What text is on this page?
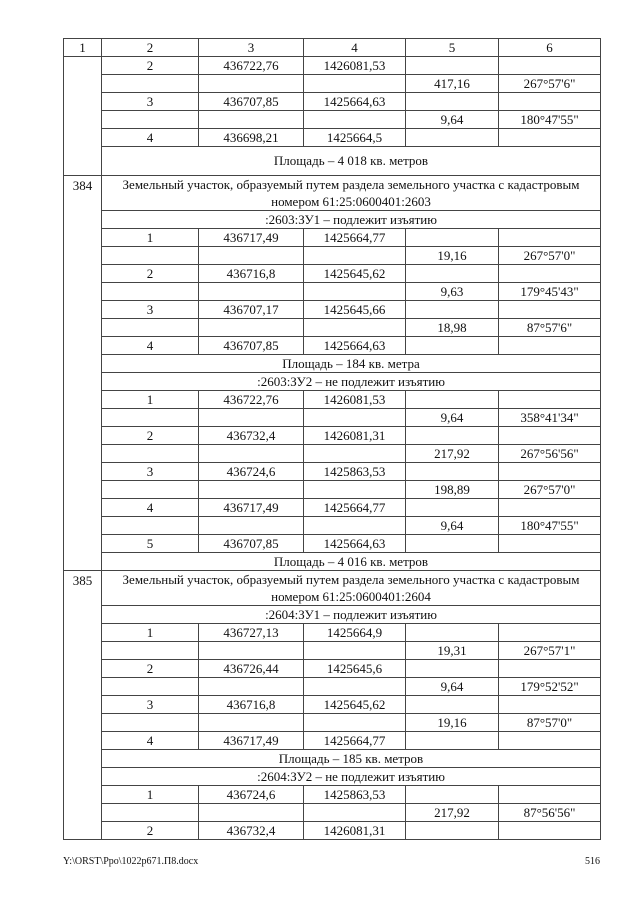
1	2	3	4	5	6
	2	436722,76	1426081,53		
				417,16	267°57'6"
	3	436707,85	1425664,63		
				9,64	180°47'55"
	4	436698,21	1425664,5		
	Площадь – 4 018 кв. метров				
384	Земельный участок, образуемый путем раздела земельного участка с кадастровым номером 61:25:0600401:2603				
	:2603:ЗУ1 – подлежит изъятию				
	1	436717,49	1425664,77		
				19,16	267°57'0"
	2	436716,8	1425645,62		
				9,63	179°45'43"
	3	436707,17	1425645,66		
				18,98	87°57'6"
	4	436707,85	1425664,63		
	Площадь – 184 кв. метра				
	:2603:ЗУ2 – не подлежит изъятию				
	1	436722,76	1426081,53		
				9,64	358°41'34"
	2	436732,4	1426081,31		
				217,92	267°56'56"
	3	436724,6	1425863,53		
				198,89	267°57'0"
	4	436717,49	1425664,77		
				9,64	180°47'55"
	5	436707,85	1425664,63		
	Площадь – 4 016 кв. метров				
385	Земельный участок, образуемый путем раздела земельного участка с кадастровым номером 61:25:0600401:2604				
	:2604:ЗУ1 – подлежит изъятию				
	1	436727,13	1425664,9		
				19,31	267°57'1"
	2	436726,44	1425645,6		
				9,64	179°52'52"
	3	436716,8	1425645,62		
				19,16	87°57'0"
	4	436717,49	1425664,77		
	Площадь – 185 кв. метров				
	:2604:ЗУ2 – не подлежит изъятию				
	1	436724,6	1425863,53		
				217,92	87°56'56"
	2	436732,4	1426081,31		
Y:\ORST\Ppo\1022p671.П8.docx	516
